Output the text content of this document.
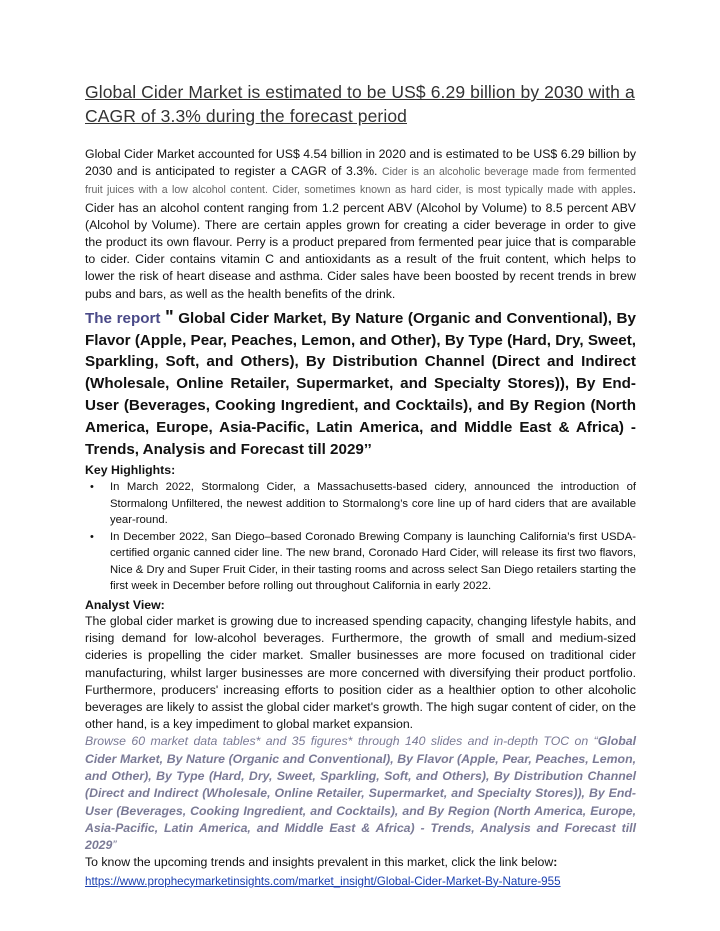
Global Cider Market is estimated to be US$ 6.29 billion by 2030 with a CAGR of 3.3% during the forecast period

Global Cider Market accounted for US$ 4.54 billion in 2020 and is estimated to be US$ 6.29 billion by 2030 and is anticipated to register a CAGR of 3.3%. Cider is an alcoholic beverage made from fermented fruit juices with a low alcohol content. Cider, sometimes known as hard cider, is most typically made with apples. Cider has an alcohol content ranging from 1.2 percent ABV (Alcohol by Volume) to 8.5 percent ABV (Alcohol by Volume). There are certain apples grown for creating a cider beverage in order to give the product its own flavour. Perry is a product prepared from fermented pear juice that is comparable to cider. Cider contains vitamin C and antioxidants as a result of the fruit content, which helps to lower the risk of heart disease and asthma. Cider sales have been boosted by recent trends in brew pubs and bars, as well as the health benefits of the drink.

The report " Global Cider Market, By Nature (Organic and Conventional), By Flavor (Apple, Pear, Peaches, Lemon, and Other), By Type (Hard, Dry, Sweet, Sparkling, Soft, and Others), By Distribution Channel (Direct and Indirect (Wholesale, Online Retailer, Supermarket, and Specialty Stores)), By End-User (Beverages, Cooking Ingredient, and Cocktails), and By Region (North America, Europe, Asia-Pacific, Latin America, and Middle East & Africa) - Trends, Analysis and Forecast till 2029’’

Key Highlights:
• In March 2022, Stormalong Cider, a Massachusetts-based cidery, announced the introduction of Stormalong Unfiltered, the newest addition to Stormalong’s core line up of hard ciders that are available year-round.
• In December 2022, San Diego–based Coronado Brewing Company is launching California’s first USDA-certified organic canned cider line. The new brand, Coronado Hard Cider, will release its first two flavors, Nice & Dry and Super Fruit Cider, in their tasting rooms and across select San Diego retailers starting the first week in December before rolling out throughout California in early 2022.
Analyst View:

The global cider market is growing due to increased spending capacity, changing lifestyle habits, and rising demand for low-alcohol beverages. Furthermore, the growth of small and medium-sized cideries is propelling the cider market. Smaller businesses are more focused on traditional cider manufacturing, whilst larger businesses are more concerned with diversifying their product portfolio. Furthermore, producers' increasing efforts to position cider as a healthier option to other alcoholic beverages are likely to assist the global cider market's growth. The high sugar content of cider, on the other hand, is a key impediment to global market expansion.

Browse 60 market data tables* and 35 figures* through 140 slides and in-depth TOC on “Global Cider Market, By Nature (Organic and Conventional), By Flavor (Apple, Pear, Peaches, Lemon, and Other), By Type (Hard, Dry, Sweet, Sparkling, Soft, and Others), By Distribution Channel (Direct and Indirect (Wholesale, Online Retailer, Supermarket, and Specialty Stores)), By End-User (Beverages, Cooking Ingredient, and Cocktails), and By Region (North America, Europe, Asia-Pacific, Latin America, and Middle East & Africa) - Trends, Analysis and Forecast till 2029”

To know the upcoming trends and insights prevalent in this market, click the link below:

https://www.prophecymarketinsights.com/market_insight/Global-Cider-Market-By-Nature-955
